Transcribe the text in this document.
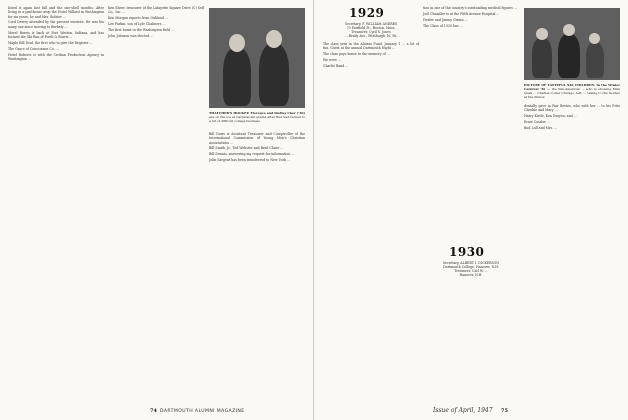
listed it again last fall and the one-shell months. After living in a penthouse atop the Hotel Willard in Washington for six years, he and Mrs. Bolster ...

Cord Dewey attended by the present trustees. He was his many one since moving to Berkely ...

Merel Burris is back at Fort Weston, Indiana, and has formed the Ski Run of Forth & Burris ...

Maple Bill Deal, the first who to give the Register ...

The Grace of Conscience Co. ...

Hotel Roberts is with the Civilian Production Agency in Washington ...

Ken Sheer, treasurer of the Lafayette Square Drive (C) Self Co., Inc. ...

Ken Morgan reports from Oakland ...

Lee Parkin, son of Lyle Chalmers ...

The first home in the Washington field ...

John Johnson was elected ...

THATCHER'S HOCKEY: Florence and Dudley Cher ('30) are on the ice at Carnival ski events after Bud had turned to a bit of difficult college business.

Bill Doris is Assistant Treasurer and Comptroller of the International Commission of Young Men's Christian Associations ...

Bill Smith, Jr., Ted Webster and Brad Chase ...

Bill Dennis, answering my request for information ...

John Sargent has been transferred to New York ...

74 DARTMOUTH ALUMNI MAGAZINE
1929
Secretary, F. WILLIAM ANDRES
70 Fairfield St., Boston, Mass.
Treasurer, Cyril S. Jones
... Brady Ave., Pittsburgh 16, Pa.

The class year in the Alumni Fund, January 1 ... a lot of fun. Guest at the annual Dartmouth Night ...

The class pays honor to the memory of ...

We were ...

Charlie Rand ...

tion in one of the country's outstanding medical figures ...

Joel Chandler is at the Fifth Avenue Hospital ...

Dexter and Jimmy Gwinn ...

The Class of 1930 has ...

1930
Secretary, ALBERT I. DICKERSON
Dartmouth College, Hanover, N.H.
Treasurer, Carl W. ...
Hanover, N.H.
PICTURE OF TASTEFUL SKI CHILDREN: In the Winter Carnival '30 ... the Pan-American ... who is showing Miss Quail ... Charles Colter Chicago, left, ... taking to the mother at the dinner.

dentally gave in Fair Bevins, who with her ... to his Fritz Cheekle and Mary ...

Harry Kirtle, Ken Duryea, and ...

Ernie Cassler ...

Bud Lull and Mrs. ...

Issue of April, 1947 75
